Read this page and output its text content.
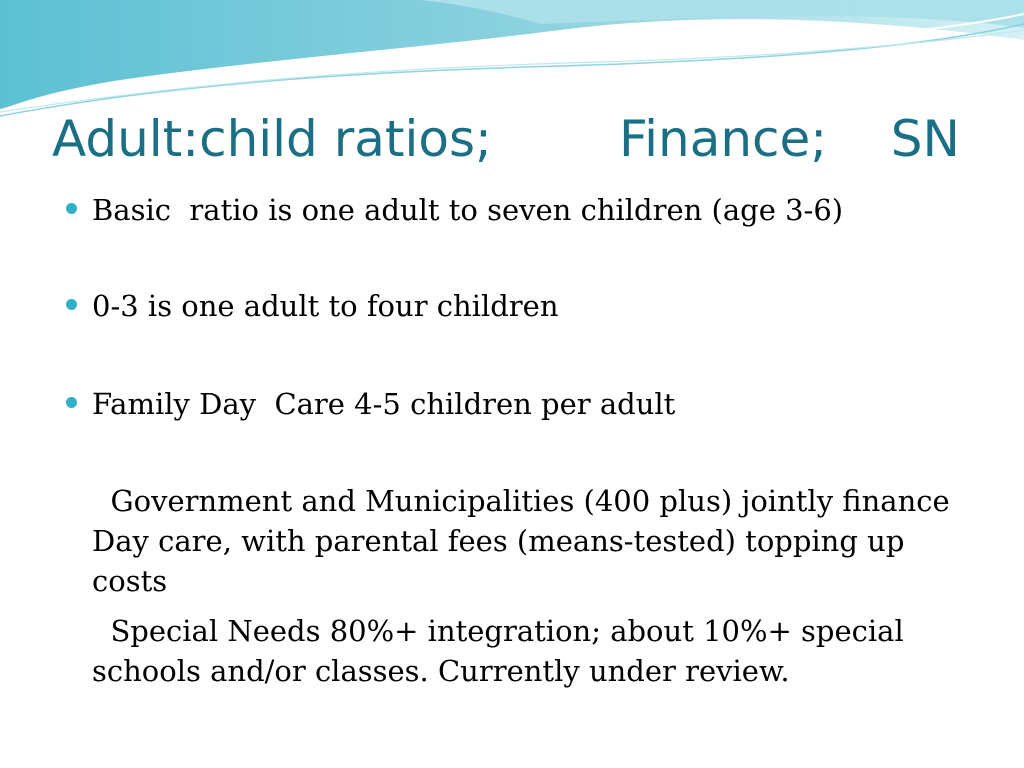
Adult:child ratios;        Finance;    SN
Basic  ratio is one adult to seven children (age 3-6)
0-3 is one adult to four children
Family Day  Care 4-5 children per adult
Government and Municipalities (400 plus) jointly finance Day care, with parental fees (means-tested) topping up costs
Special Needs 80%+ integration; about 10%+ special schools and/or classes. Currently under review.
